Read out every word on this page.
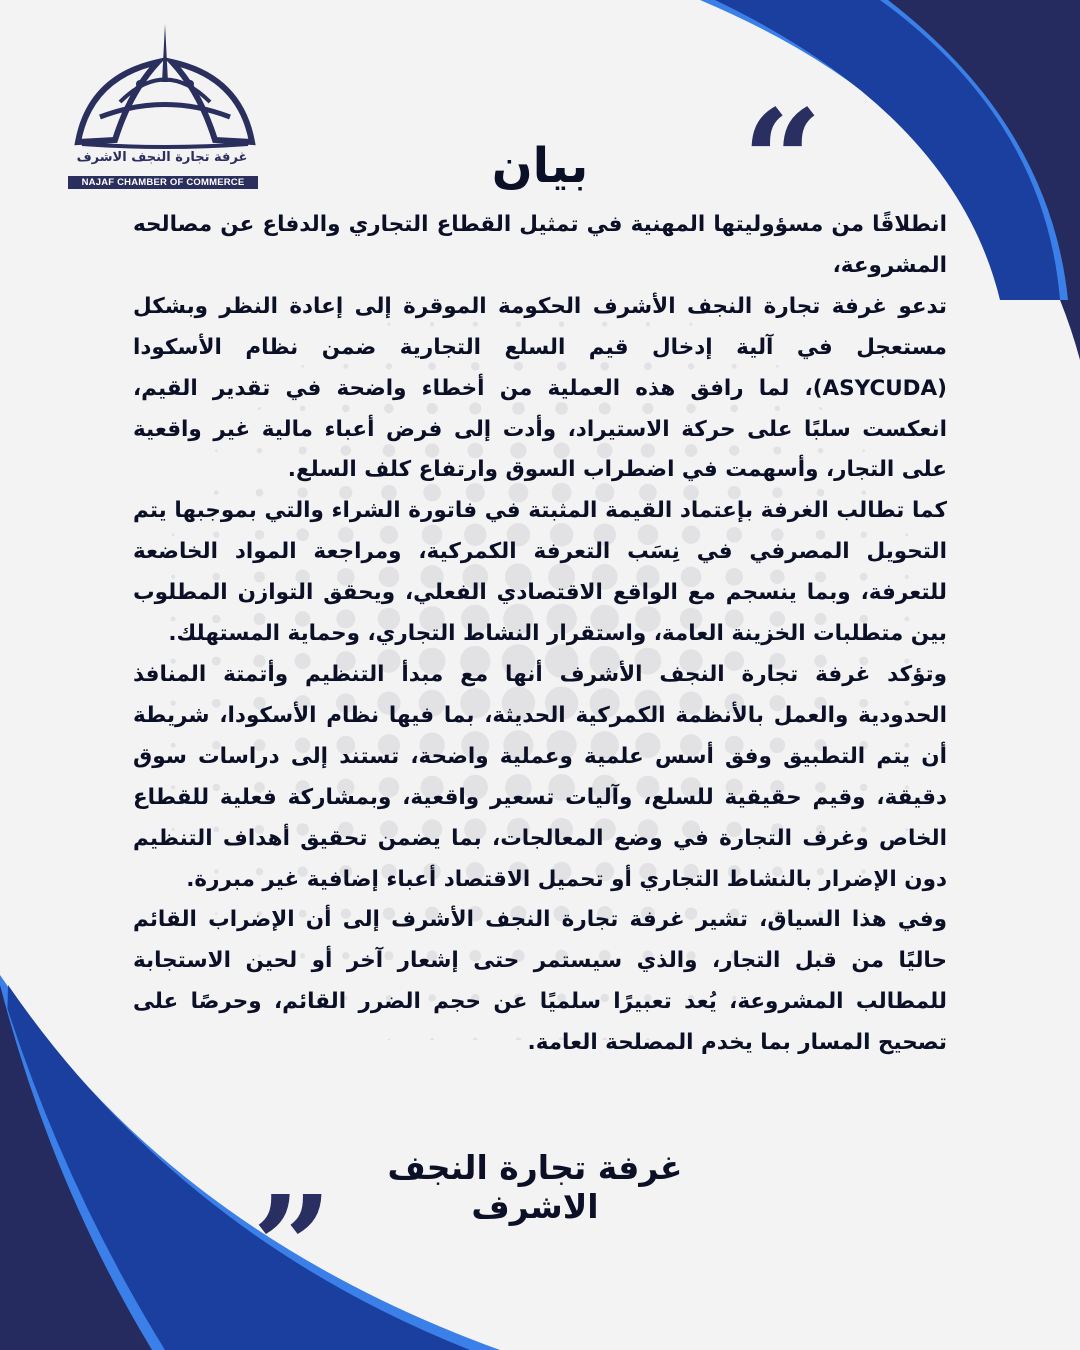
غرفة تجارة النجف الاشرف
NAJAF CHAMBER OF COMMERCE	“
”
بيان

انطلاقًا من مسؤوليتها المهنية في تمثيل القطاع التجاري والدفاع عن مصالحه المشروعة،

تدعو غرفة تجارة النجف الأشرف الحكومة الموقرة إلى إعادة النظر وبشكل مستعجل في آلية إدخال قيم السلع التجارية ضمن نظام الأسكودا (ASYCUDA)، لما رافق هذه العملية من أخطاء واضحة في تقدير القيم، انعكست سلبًا على حركة الاستيراد، وأدت إلى فرض أعباء مالية غير واقعية على التجار، وأسهمت في اضطراب السوق وارتفاع كلف السلع.

كما تطالب الغرفة بإعتماد القيمة المثبتة في فاتورة الشراء والتي بموجبها يتم التحويل المصرفي في نِسَب التعرفة الكمركية، ومراجعة المواد الخاضعة للتعرفة، وبما ينسجم مع الواقع الاقتصادي الفعلي، ويحقق التوازن المطلوب بين متطلبات الخزينة العامة، واستقرار النشاط التجاري، وحماية المستهلك.

وتؤكد غرفة تجارة النجف الأشرف أنها مع مبدأ التنظيم وأتمتة المنافذ الحدودية والعمل بالأنظمة الكمركية الحديثة، بما فيها نظام الأسكودا، شريطة أن يتم التطبيق وفق أسس علمية وعملية واضحة، تستند إلى دراسات سوق دقيقة، وقيم حقيقية للسلع، وآليات تسعير واقعية، وبمشاركة فعلية للقطاع الخاص وغرف التجارة في وضع المعالجات، بما يضمن تحقيق أهداف التنظيم دون الإضرار بالنشاط التجاري أو تحميل الاقتصاد أعباء إضافية غير مبررة.

وفي هذا السياق، تشير غرفة تجارة النجف الأشرف إلى أن الإضراب القائم حاليًا من قبل التجار، والذي سيستمر حتى إشعار آخر أو لحين الاستجابة للمطالب المشروعة، يُعد تعبيرًا سلميًا عن حجم الضرر القائم، وحرصًا على تصحيح المسار بما يخدم المصلحة العامة.

غرفة تجارة النجف الاشرف
